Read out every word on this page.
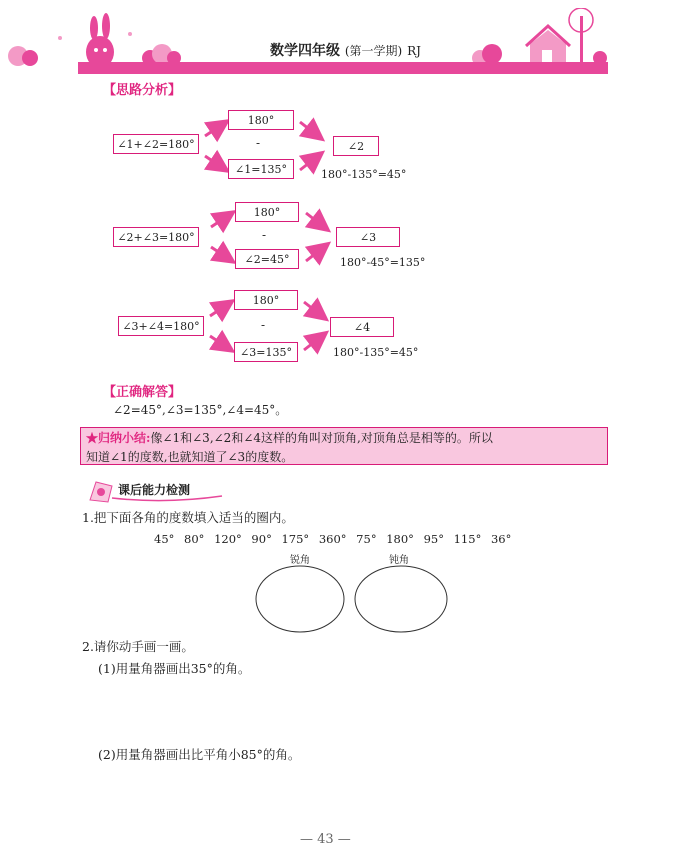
数学四年级 (第一学期) RJ
【思路分析】
∠1+∠2=180°
180°
-
∠1=135°
∠2
180°-135°=45°
∠2+∠3=180°
180°
-
∠2=45°
∠3
180°-45°=135°
∠3+∠4=180°
180°
-
∠3=135°
∠4
180°-135°=45°
【正确解答】
∠2=45°,∠3=135°,∠4=45°。
★归纳小结:像∠1和∠3,∠2和∠4这样的角叫对顶角,对顶角总是相等的。所以
知道∠1的度数,也就知道了∠3的度数。
课后能力检测
1.把下面各角的度数填入适当的圈内。
45° 80° 120° 90° 175° 360° 75° 180° 95° 115° 36°
锐角	钝角
2.请你动手画一画。
(1)用量角器画出35°的角。
(2)用量角器画出比平角小85°的角。
— 43 —
